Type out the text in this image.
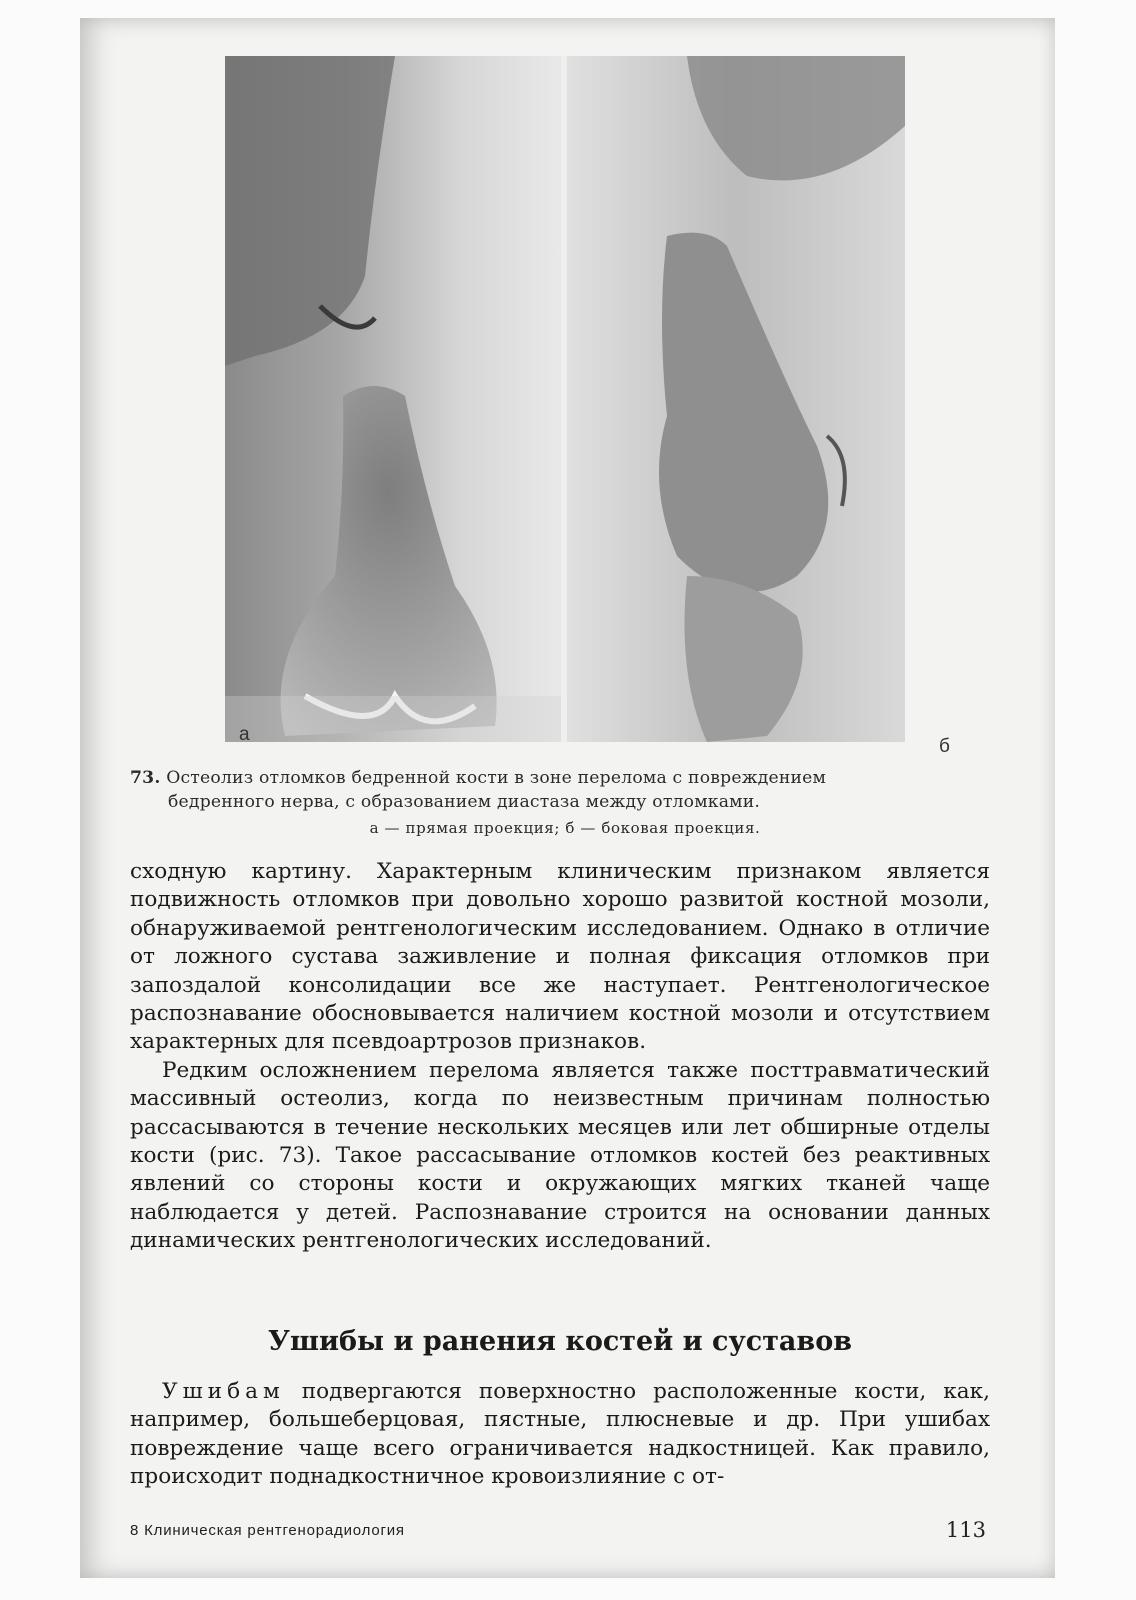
а
б
73. Остеолиз отломков бедренной кости в зоне перелома с повреждением
бедренного нерва, с образованием диастаза между отломками.
а — прямая проекция; б — боковая проекция.

сходную картину. Характерным клиническим признаком является подвижность отломков при довольно хорошо развитой костной мозоли, обнаруживаемой рентгенологическим исследованием. Однако в отличие от ложного сустава заживление и полная фиксация отломков при запоздалой консолидации все же наступает. Рентгенологическое распознавание обосновывается наличием костной мозоли и отсутствием характерных для псевдоартрозов признаков.

Редким осложнением перелома является также посттравматический массивный остеолиз, когда по неизвестным причинам полностью рассасываются в течение нескольких месяцев или лет обширные отделы кости (рис. 73). Такое рассасывание отломков костей без реактивных явлений со стороны кости и окружающих мягких тканей чаще наблюдается у детей. Распознавание строится на основании данных динамических рентгенологических исследований.

Ушибы и ранения костей и суставов

Ушибам подвергаются поверхностно расположенные кости, как, например, большеберцовая, пястные, плюсневые и др. При ушибах повреждение чаще всего ограничивается надкостницей. Как правило, происходит поднадкостничное кровоизлияние с от-

8 Клиническая рентгенорадиология	113
